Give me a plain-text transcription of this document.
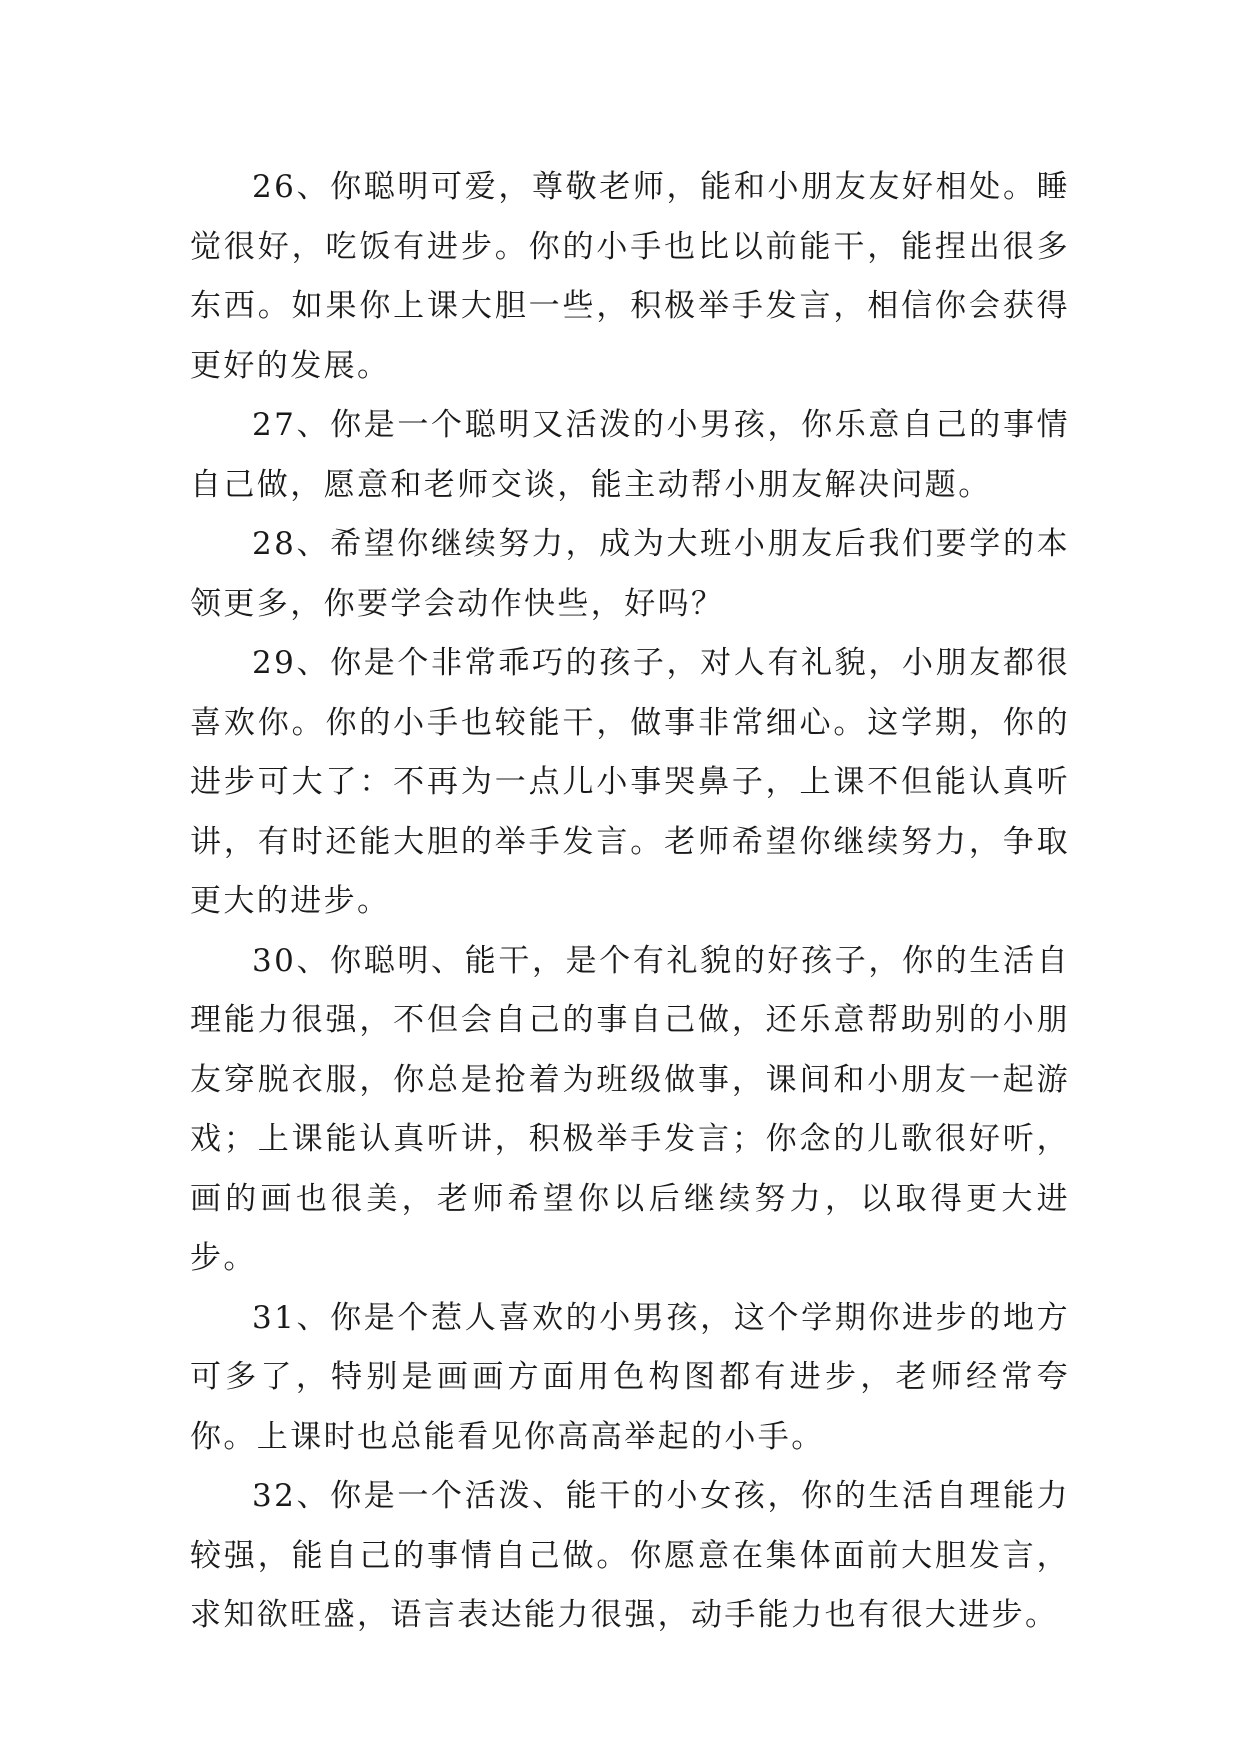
26、你聪明可爱，尊敬老师，能和小朋友友好相处。睡觉很好，吃饭有进步。你的小手也比以前能干，能捏出很多东西。如果你上课大胆一些，积极举手发言，相信你会获得更好的发展。

27、你是一个聪明又活泼的小男孩，你乐意自己的事情自己做，愿意和老师交谈，能主动帮小朋友解决问题。

28、希望你继续努力，成为大班小朋友后我们要学的本领更多，你要学会动作快些，好吗？

29、你是个非常乖巧的孩子，对人有礼貌，小朋友都很喜欢你。你的小手也较能干，做事非常细心。这学期，你的进步可大了：不再为一点儿小事哭鼻子，上课不但能认真听讲，有时还能大胆的举手发言。老师希望你继续努力，争取更大的进步。

30、你聪明、能干，是个有礼貌的好孩子，你的生活自理能力很强，不但会自己的事自己做，还乐意帮助别的小朋友穿脱衣服，你总是抢着为班级做事，课间和小朋友一起游戏；上课能认真听讲，积极举手发言；你念的儿歌很好听，画的画也很美，老师希望你以后继续努力，以取得更大进步。

31、你是个惹人喜欢的小男孩，这个学期你进步的地方可多了，特别是画画方面用色构图都有进步，老师经常夸你。上课时也总能看见你高高举起的小手。

32、你是一个活泼、能干的小女孩，你的生活自理能力较强，能自己的事情自己做。你愿意在集体面前大胆发言，求知欲旺盛，语言表达能力很强，动手能力也有很大进步。
